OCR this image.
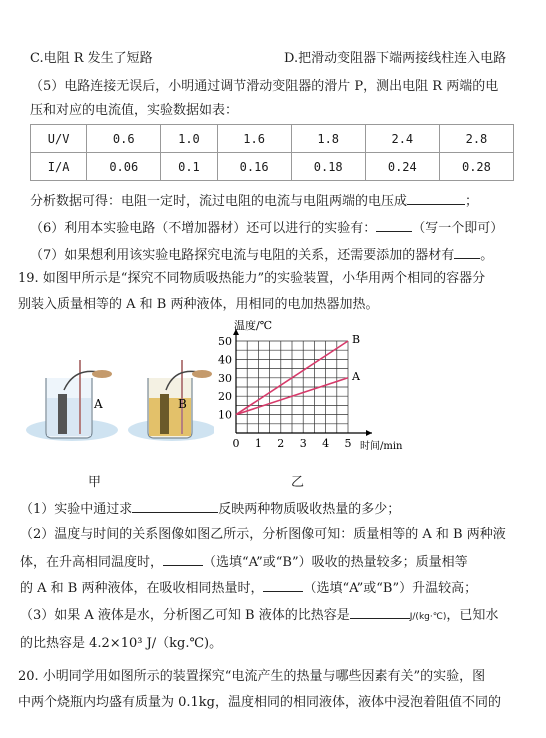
C.电阻 R 发生了短路	D.把滑动变阻器下端两接线柱连入电路
（5）电路连接无误后，小明通过调节滑动变阻器的滑片 P，测出电阻 R 两端的电
压和对应的电流值，实验数据如表：
U/V	0.6	1.0	1.6	1.8	2.4	2.8
I/A	0.06	0.1	0.16	0.18	0.24	0.28
分析数据可得：电阻一定时，流过电阻的电流与电阻两端的电压成	；
（6）利用本实验电路（不增加器材）还可以进行的实验有：	（写一个即可）
（7）如果想利用该实验电路探究电流与电阻的关系，还需要添加的器材有 。
19. 如图甲所示是“探究不同物质吸热能力”的实验装置，小华用两个相同的容器分
别装入质量相等的 A 和 B 两种液体，用相同的电加热器加热。
A	B
甲
0 1 2 3 4 5
10
20
30
40
50
温度/℃
时间/min
B
A
乙
（1）实验中通过求	反映两种物质吸收热量的多少；
（2）温度与时间的关系图像如图乙所示，分析图像可知：质量相等的 A 和 B 两种液
体，在升高相同温度时，	（选填“A”或“B”）吸收的热量较多；质量相等
的 A 和 B 两种液体，在吸收相同热量时，	（选填“A”或“B”）升温较高；
（3）如果 A 液体是水，分析图乙可知 B 液体的比热容是	J/(kg·℃)，已知水
的比热容是 4.2×10³ J/（kg.℃)。
20. 小明同学用如图所示的装置探究“电流产生的热量与哪些因素有关”的实验，图
中两个烧瓶内均盛有质量为 0.1kg，温度相同的相同液体，液体中浸泡着阻值不同的
